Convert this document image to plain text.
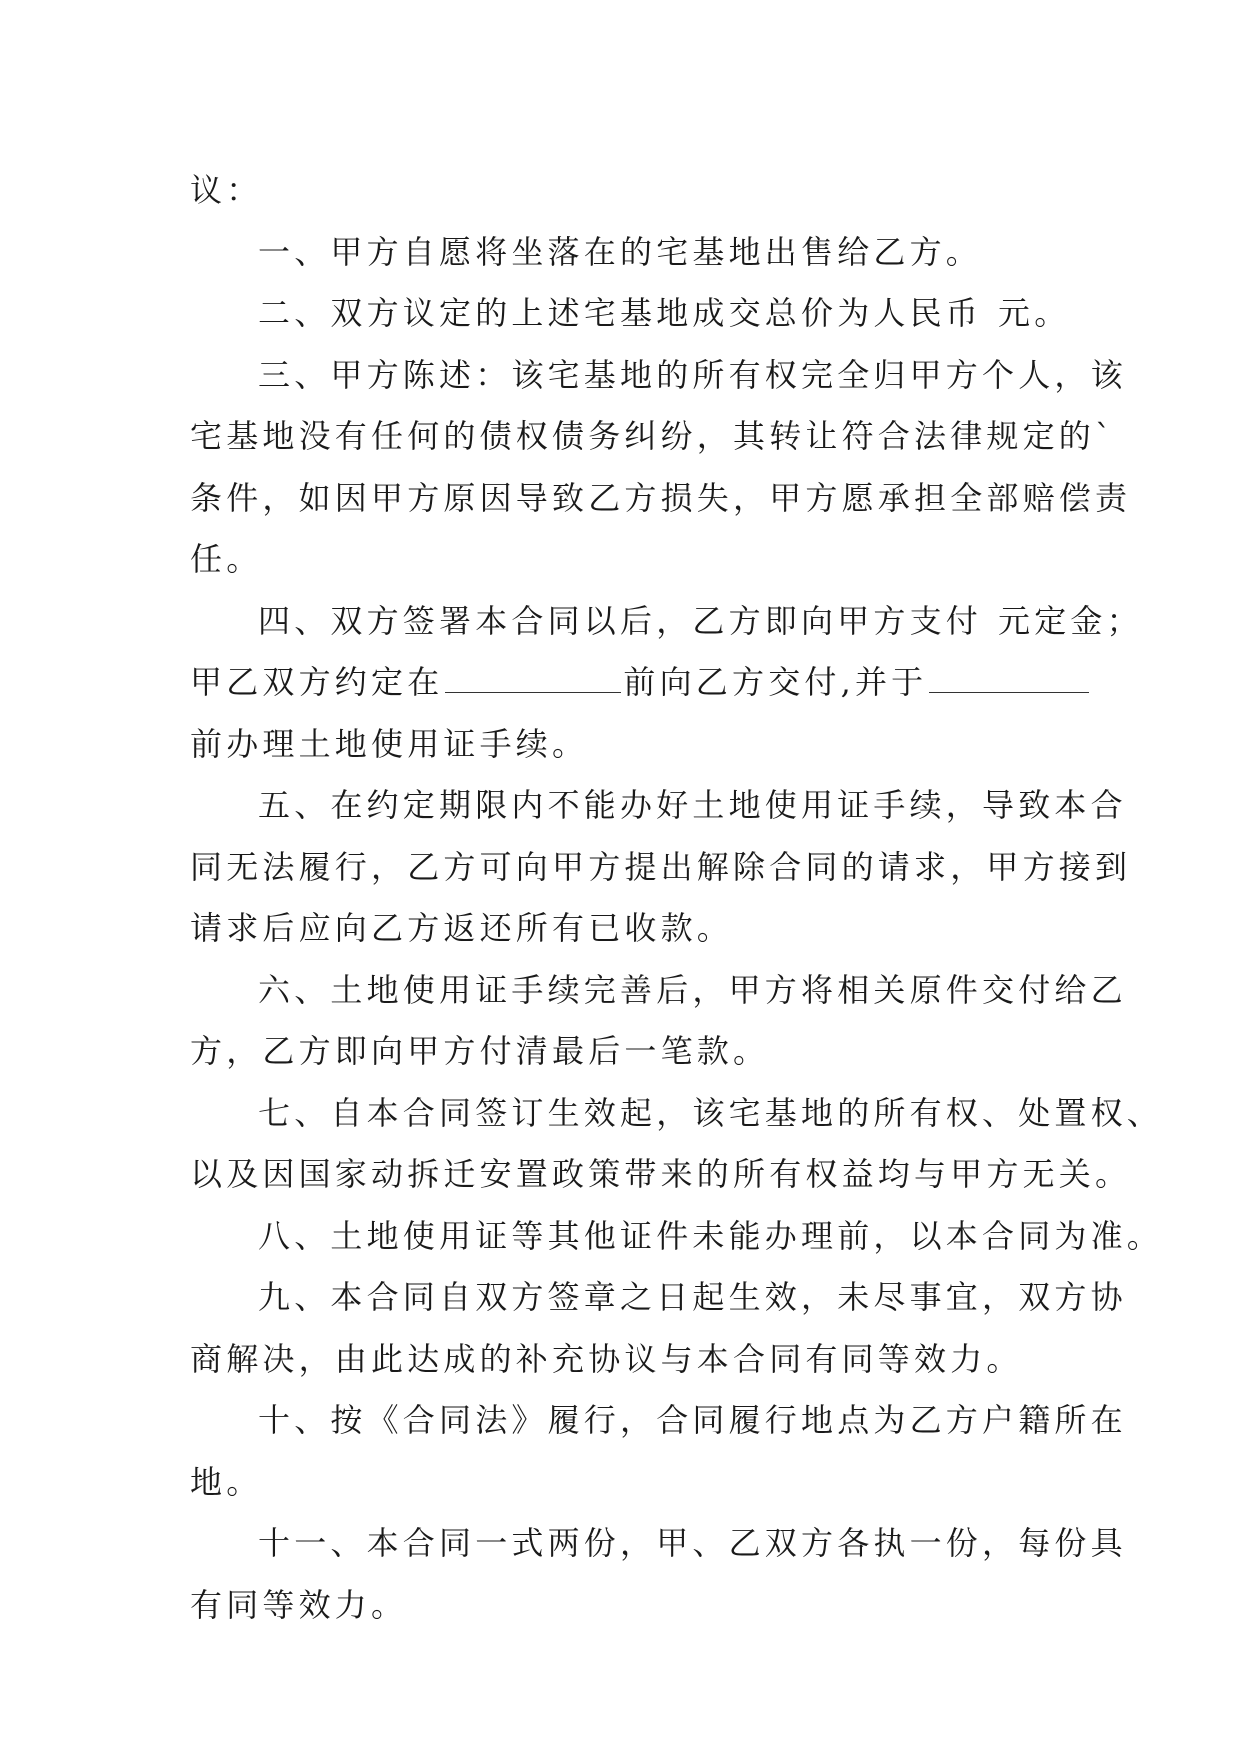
议：

一、甲方自愿将坐落在的宅基地出售给乙方。

二、双方议定的上述宅基地成交总价为人民币 元。

三、甲方陈述：该宅基地的所有权完全归甲方个人，该

宅基地没有任何的债权债务纠纷，其转让符合法律规定的`

条件，如因甲方原因导致乙方损失，甲方愿承担全部赔偿责

任。

四、双方签署本合同以后，乙方即向甲方支付 元定金；

甲乙双方约定在	前向乙方交付,并于

前办理土地使用证手续。

五、在约定期限内不能办好土地使用证手续，导致本合

同无法履行，乙方可向甲方提出解除合同的请求，甲方接到

请求后应向乙方返还所有已收款。

六、土地使用证手续完善后，甲方将相关原件交付给乙

方，乙方即向甲方付清最后一笔款。

七、自本合同签订生效起，该宅基地的所有权、处置权、

以及因国家动拆迁安置政策带来的所有权益均与甲方无关。

八、土地使用证等其他证件未能办理前，以本合同为准。

九、本合同自双方签章之日起生效，未尽事宜，双方协

商解决，由此达成的补充协议与本合同有同等效力。

十、按《合同法》履行，合同履行地点为乙方户籍所在

地。

十一、本合同一式两份，甲、乙双方各执一份，每份具

有同等效力。
